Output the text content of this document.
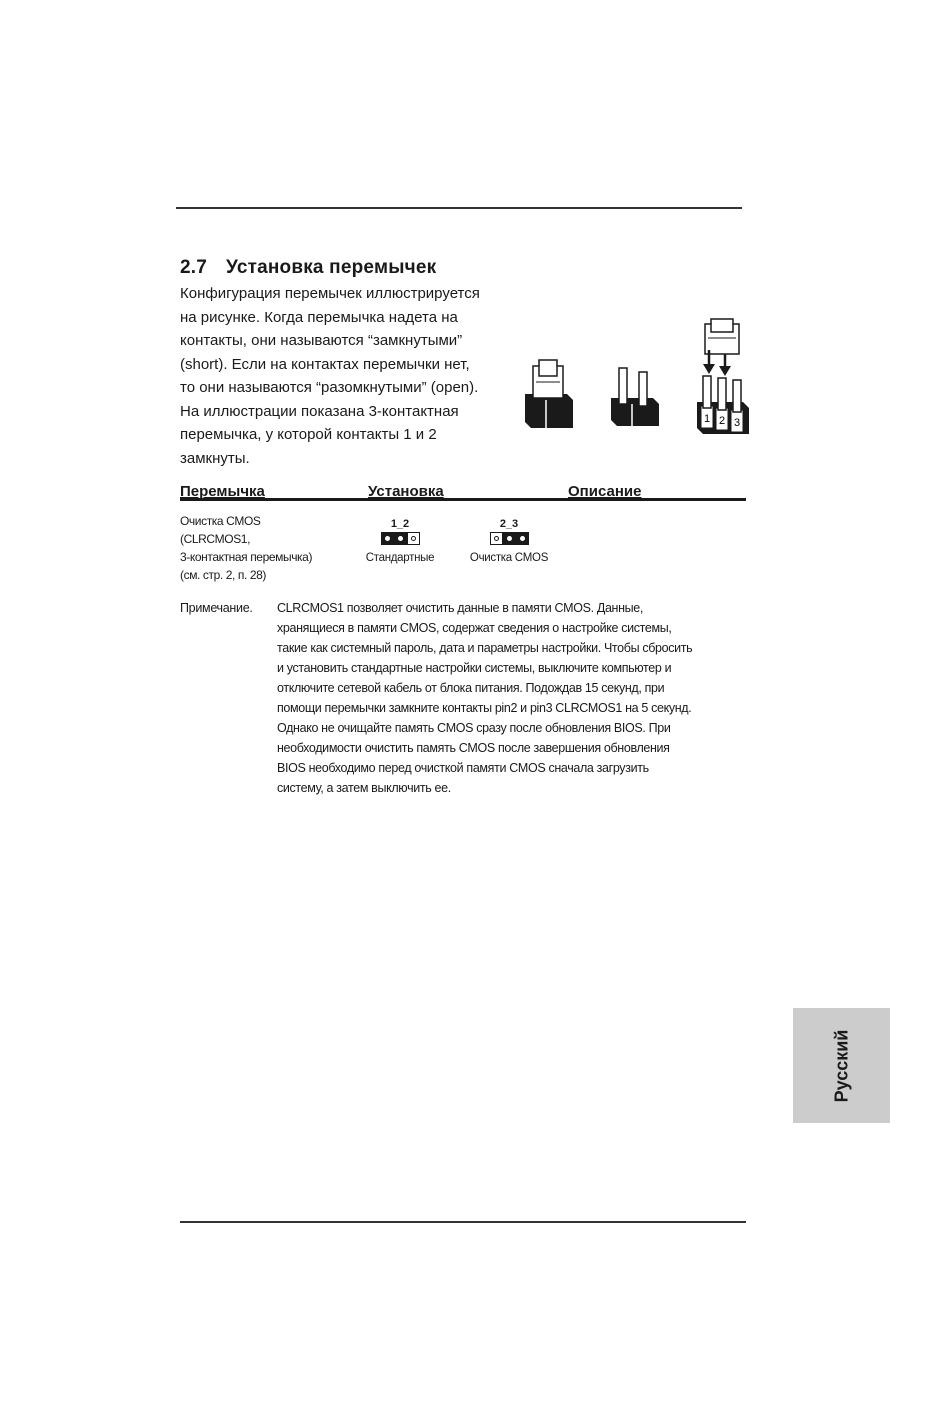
2.7 Установка перемычек
Конфигурация перемычек иллюстрируется
на рисунке. Когда перемычка надета на
контакты, они называются “замкнутыми”
(short). Если на контактах перемычки нет,
то они называются “разомкнутыми” (open).
На иллюстрации показана 3-контактная
перемычка, у которой контакты 1 и 2
замкнуты.
1 2 3
Перемычка	Установка	Описание
Очистка CMOS
(CLRCMOS1,
3-контактная перемычка)
(см. стр. 2, п. 28)
1_2
Стандартные
2_3
Очистка CMOS
Примечание. CLRCMOS1 позволяет очистить данные в памяти CMOS. Данные,
хранящиеся в памяти CMOS, содержат сведения о настройке системы,
такие как системный пароль, дата и параметры настройки. Чтобы сбросить
и установить стандартные настройки системы, выключите компьютер и
отключите сетевой кабель от блока питания. Подождав 15 секунд, при
помощи перемычки замкните контакты pin2 и pin3 CLRCMOS1 на 5 секунд.
Однако не очищайте память CMOS сразу после обновления BIOS. При
необходимости очистить память CMOS после завершения обновления
BIOS необходимо перед очисткой памяти CMOS сначала загрузить
систему, а затем выключить ее.
Русский
